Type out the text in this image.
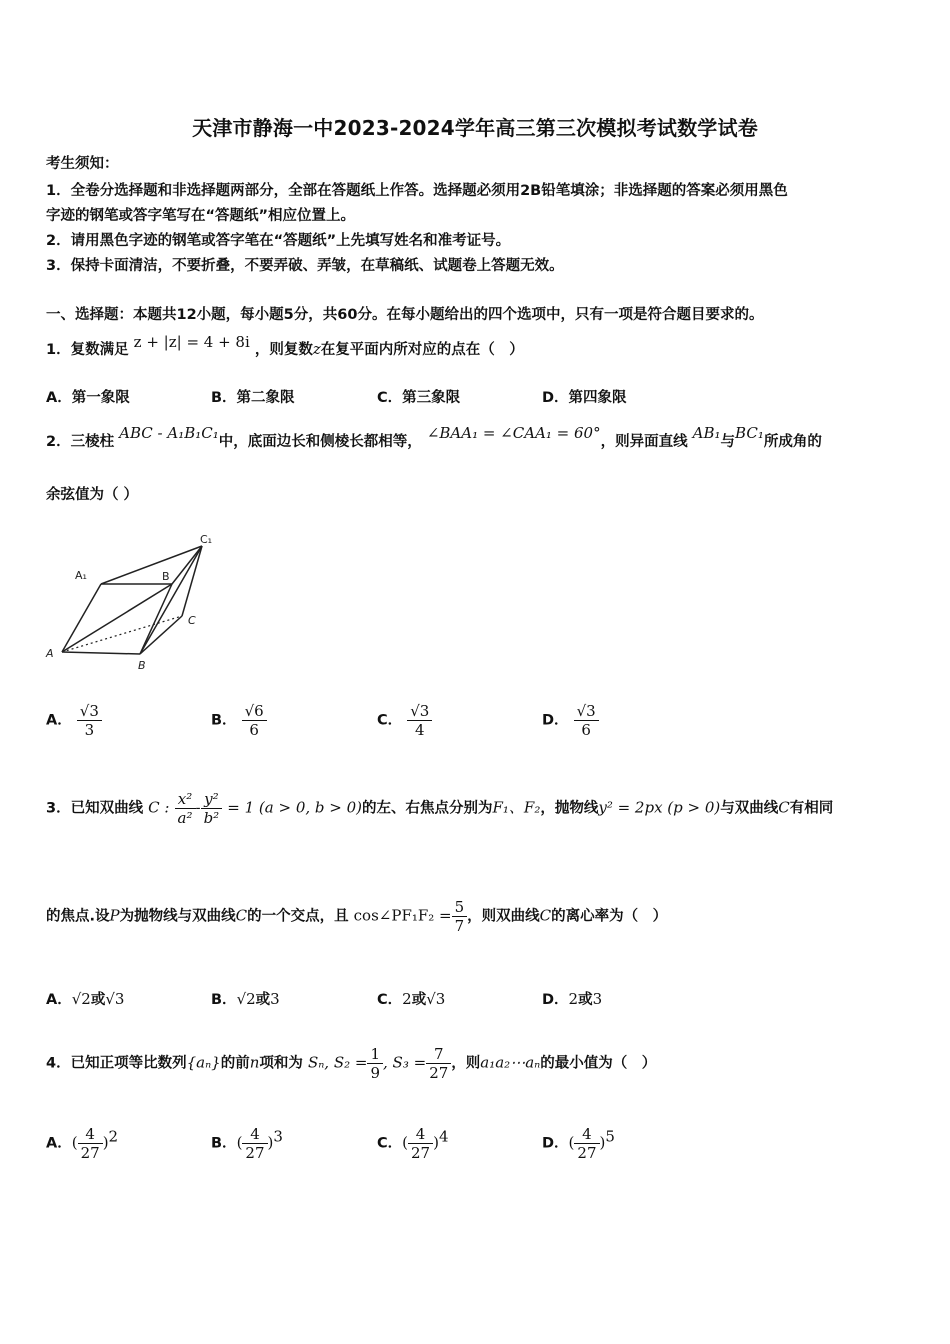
天津市静海一中2023-2024学年高三第三次模拟考试数学试卷
考生须知：
1．全卷分选择题和非选择题两部分，全部在答题纸上作答。选择题必须用2B铅笔填涂；非选择题的答案必须用黑色
字迹的钢笔或答字笔写在“答题纸”相应位置上。
2．请用黑色字迹的钢笔或答字笔在“答题纸”上先填写姓名和准考证号。
3．保持卡面清洁，不要折叠，不要弄破、弄皱，在草稿纸、试题卷上答题无效。
一、选择题：本题共12小题，每小题5分，共60分。在每小题给出的四个选项中，只有一项是符合题目要求的。
1．复数满足 z + |z| = 4 + 8i ，则复数z在复平面内所对应的点在（　）
A．第一象限	B．第二象限	C．第三象限	D．第四象限
2．三棱柱 ABC - A₁B₁C₁中，底面边长和侧棱长都相等， ∠BAA₁ = ∠CAA₁ = 60°，则异面直线 AB₁与BC₁所成角的
余弦值为（ ）
C₁
A₁	B
C
A
B
A． $\frac{√3}{3}$	B． $\frac{√6}{6}$	C． $\frac{√3}{4}$	D． $\frac{√3}{6}$
3．已知双曲线 C : $\frac{\text{x²}}{\text{a²}} - \frac{\text{y²}}{\text{b²}} = 1$ (a > 0, b > 0)的左、右焦点分别为F₁、F₂，抛物线y² = 2px (p > 0)与双曲线C有相同
的焦点.设P为抛物线与双曲线C的一个交点，且 cos∠PF₁F₂ = $\frac{5}{7}$ ，则双曲线C的离心率为（　）
A．√2或√3	B．√2或3	C．2或√3	D．2或3
4．已知正项等比数列{aₙ}的前n项和为 Sₙ, $S_2 = \frac{1}{9}$ , $S_3 = \frac{7}{27}$ ，则a₁a₂⋯aₙ的最小值为（　）
A．( $\frac{4}{27} )^2$	B．( $\frac{4}{27} )^3$	C．( $\frac{4}{27} )^4$	D．( $\frac{4}{27} )^5$
